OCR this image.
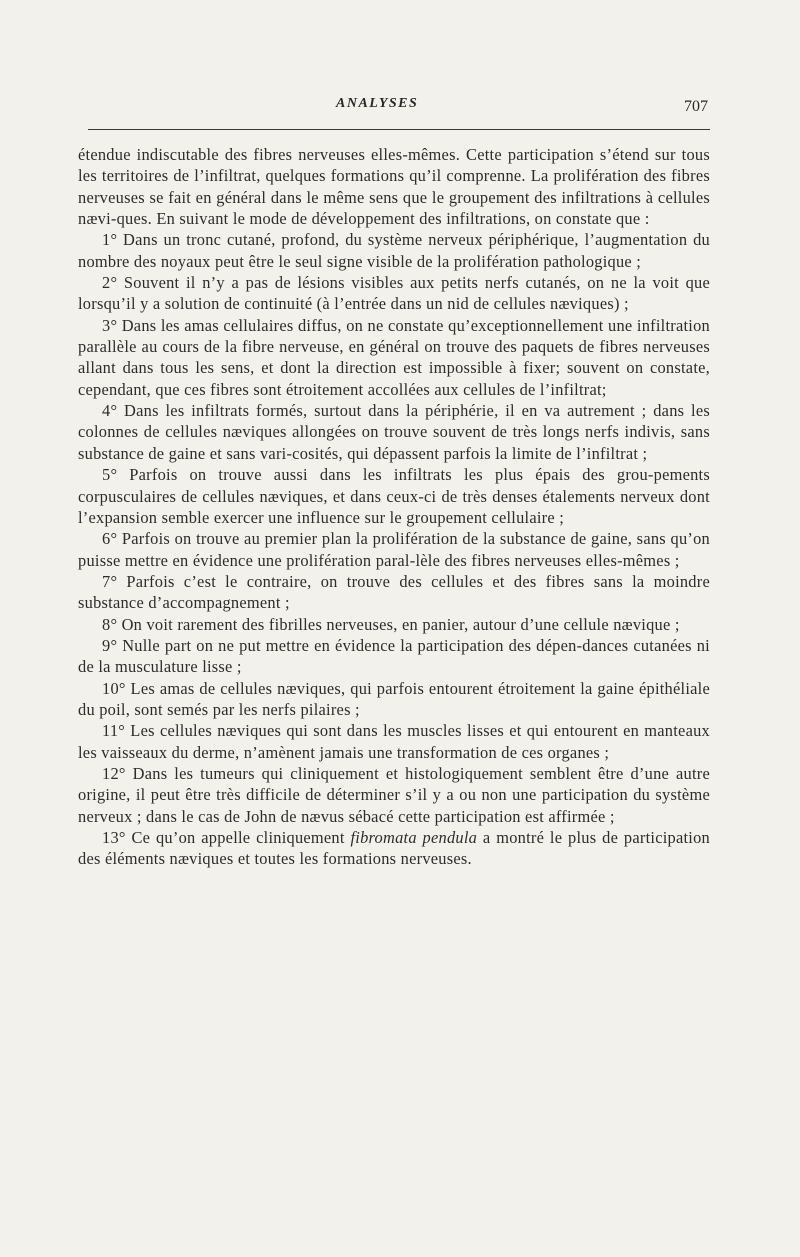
ANALYSES	707

étendue indiscutable des fibres nerveuses elles-mêmes. Cette participation s’étend sur tous les territoires de l’infiltrat, quelques formations qu’il comprenne. La prolifération des fibres nerveuses se fait en général dans le même sens que le groupement des infiltrations à cellules nævi-ques. En suivant le mode de développement des infiltrations, on constate que :

1° Dans un tronc cutané, profond, du système nerveux périphérique, l’augmentation du nombre des noyaux peut être le seul signe visible de la prolifération pathologique ;

2° Souvent il n’y a pas de lésions visibles aux petits nerfs cutanés, on ne la voit que lorsqu’il y a solution de continuité (à l’entrée dans un nid de cellules næviques) ;

3° Dans les amas cellulaires diffus, on ne constate qu’exceptionnellement une infiltration parallèle au cours de la fibre nerveuse, en général on trouve des paquets de fibres nerveuses allant dans tous les sens, et dont la direction est impossible à fixer; souvent on constate, cependant, que ces fibres sont étroitement accollées aux cellules de l’infiltrat;

4° Dans les infiltrats formés, surtout dans la périphérie, il en va autrement ; dans les colonnes de cellules næviques allongées on trouve souvent de très longs nerfs indivis, sans substance de gaine et sans vari-cosités, qui dépassent parfois la limite de l’infiltrat ;

5° Parfois on trouve aussi dans les infiltrats les plus épais des grou-pements corpusculaires de cellules næviques, et dans ceux-ci de très denses étalements nerveux dont l’expansion semble exercer une influence sur le groupement cellulaire ;

6° Parfois on trouve au premier plan la prolifération de la substance de gaine, sans qu’on puisse mettre en évidence une prolifération paral-lèle des fibres nerveuses elles-mêmes ;

7° Parfois c’est le contraire, on trouve des cellules et des fibres sans la moindre substance d’accompagnement ;

8° On voit rarement des fibrilles nerveuses, en panier, autour d’une cellule nævique ;

9° Nulle part on ne put mettre en évidence la participation des dépen-dances cutanées ni de la musculature lisse ;

10° Les amas de cellules næviques, qui parfois entourent étroitement la gaine épithéliale du poil, sont semés par les nerfs pilaires ;

11° Les cellules næviques qui sont dans les muscles lisses et qui entourent en manteaux les vaisseaux du derme, n’amènent jamais une transformation de ces organes ;

12° Dans les tumeurs qui cliniquement et histologiquement semblent être d’une autre origine, il peut être très difficile de déterminer s’il y a ou non une participation du système nerveux ; dans le cas de John de nævus sébacé cette participation est affirmée ;

13° Ce qu’on appelle cliniquement fibromata pendula a montré le plus de participation des éléments næviques et toutes les formations nerveuses.
